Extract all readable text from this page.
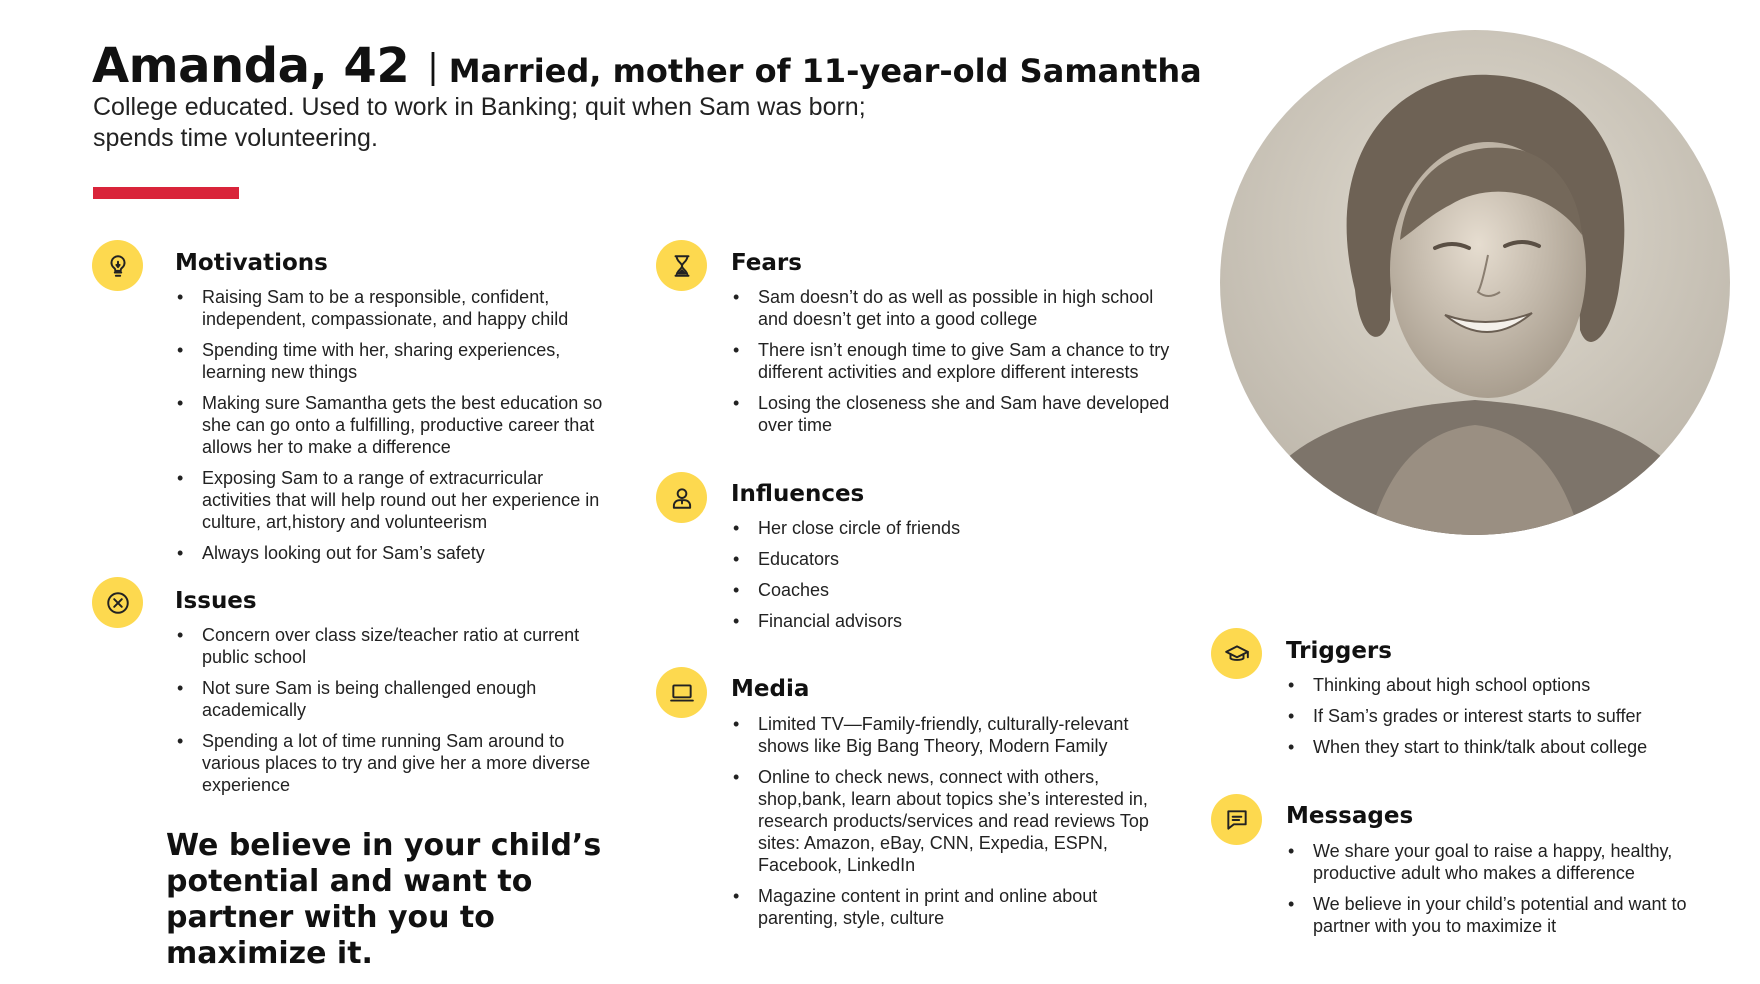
Amanda, 42 | Married, mother of 11-year-old Samantha
College educated. Used to work in Banking; quit when Sam was born;
spends time volunteering.
Motivations
• Raising Sam to be a responsible, confident, independent, compassionate, and happy child
• Spending time with her, sharing experiences, learning new things
• Making sure Samantha gets the best education so she can go onto a fulfilling, productive career that allows her to make a difference
• Exposing Sam to a range of extracurricular activities that will help round out her experience in culture, art,history and volunteerism
• Always looking out for Sam’s safety
Issues
• Concern over class size/teacher ratio at current public school
• Not sure Sam is being challenged enough academically
• Spending a lot of time running Sam around to various places to try and give her a more diverse experience
We believe in your child’s potential and want to partner with you to maximize it.
Fears
• Sam doesn’t do as well as possible in high school and doesn’t get into a good college
• There isn’t enough time to give Sam a chance to try different activities and explore different interests
• Losing the closeness she and Sam have developed over time
Influences
• Her close circle of friends
• Educators
• Coaches
• Financial advisors
Media
• Limited TV—Family-friendly, culturally-relevant shows like Big Bang Theory, Modern Family
• Online to check news, connect with others, shop,bank, learn about topics she’s interested in, research products/services and read reviews Top sites: Amazon, eBay, CNN, Expedia, ESPN, Facebook, LinkedIn
• Magazine content in print and online about parenting, style, culture
Triggers
• Thinking about high school options
• If Sam’s grades or interest starts to suffer
• When they start to think/talk about college
Messages
• We share your goal to raise a happy, healthy, productive adult who makes a difference
• We believe in your child’s potential and want to partner with you to maximize it
